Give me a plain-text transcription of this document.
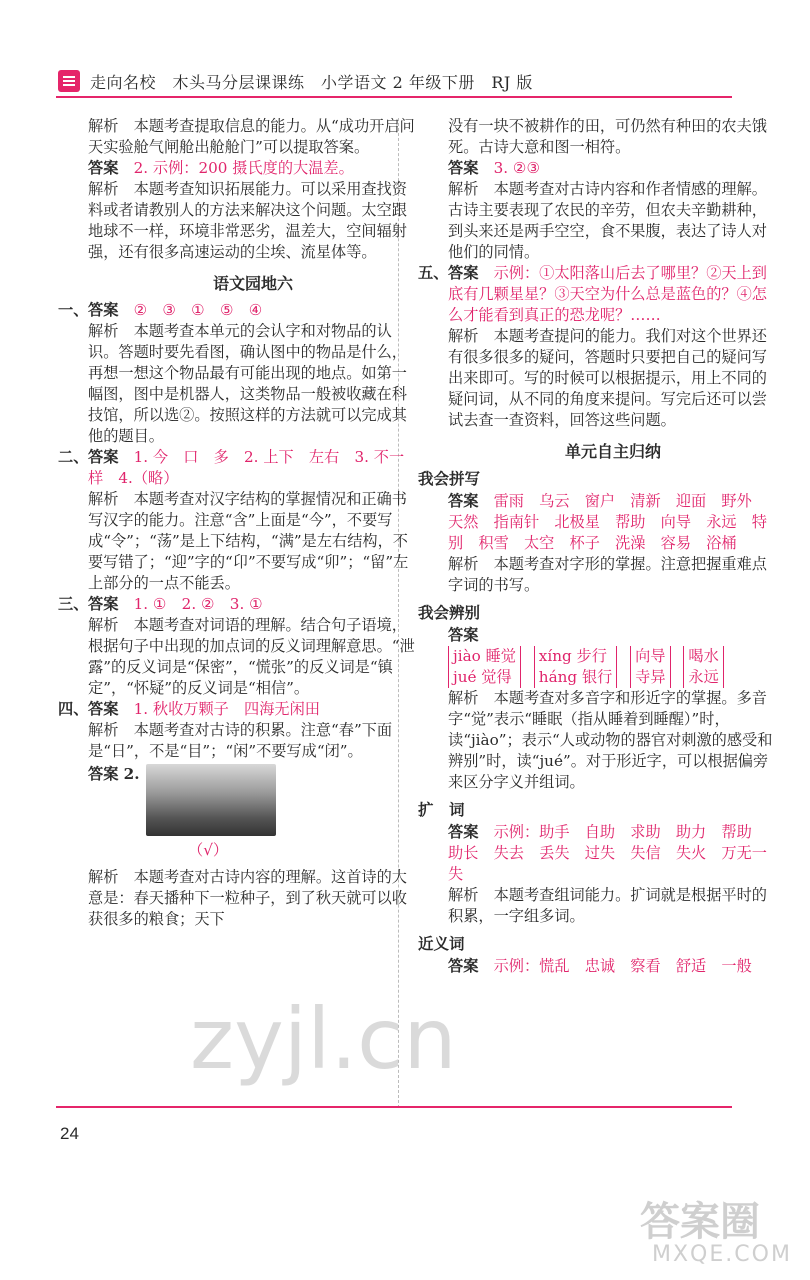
走向名校　木头马分层课课练　小学语文 2 年级下册　RJ 版

解析　本题考查提取信息的能力。从“成功开启问天实验舱气闸舱出舱舱门”可以提取答案。

答案　2. 示例：200 摄氏度的大温差。

解析　本题考查知识拓展能力。可以采用查找资料或者请教别人的方法来解决这个问题。太空跟地球不一样，环境非常恶劣，温差大，空间辐射强，还有很多高速运动的尘埃、流星体等。

语文园地六

一、 答案　②　③　①　⑤　④

解析　本题考查本单元的会认字和对物品的认识。答题时要先看图，确认图中的物品是什么，再想一想这个物品最有可能出现的地点。如第一幅图，图中是机器人，这类物品一般被收藏在科技馆，所以选②。按照这样的方法就可以完成其他的题目。

二、 答案　1. 今　口　多　2. 上下　左右　3. 不一样　4.（略）

解析　本题考查对汉字结构的掌握情况和正确书写汉字的能力。注意“含”上面是“今”，不要写成“令”；“荡”是上下结构，“满”是左右结构，不要写错了；“迎”字的“卬”不要写成“卯”；“留”左上部分的一点不能丢。

三、 答案　1. ①　2. ②　3. ①

解析　本题考查对词语的理解。结合句子语境，根据句子中出现的加点词的反义词理解意思。“泄露”的反义词是“保密”，“慌张”的反义词是“镇定”，“怀疑”的反义词是“相信”。

四、 答案　1. 秋收万颗子　四海无闲田

解析　本题考查对古诗的积累。注意“春”下面是“日”，不是“目”；“闲”不要写成“闭”。

答案 2.
（√）

解析　本题考查对古诗内容的理解。这首诗的大意是：春天播种下一粒种子，到了秋天就可以收获很多的粮食；天下

没有一块不被耕作的田，可仍然有种田的农夫饿死。古诗大意和图一相符。

答案　3. ②③

解析　本题考查对古诗内容和作者情感的理解。古诗主要表现了农民的辛劳，但农夫辛勤耕种，到头来还是两手空空，食不果腹，表达了诗人对他们的同情。

五、 答案　示例：①太阳落山后去了哪里？②天上到底有几颗星星？③天空为什么总是蓝色的？④怎么才能看到真正的恐龙呢？……

解析　本题考查提问的能力。我们对这个世界还有很多很多的疑问，答题时只要把自己的疑问写出来即可。写的时候可以根据提示，用上不同的疑问词，从不同的角度来提问。写完后还可以尝试去查一查资料，回答这些问题。

单元自主归纳
我会拼写

答案　雷雨　乌云　窗户　清新　迎面　野外　天然　指南针　北极星　帮助　向导　永远　特别　积雪　太空　杯子　洗澡　容易　浴桶

解析　本题考查对字形的掌握。注意把握重难点字词的书写。

我会辨别

答案

jiào 睡觉
jué 觉得

xíng 步行
háng 银行

向导
寺异

喝水
永远

解析　本题考查对多音字和形近字的掌握。多音字“觉”表示“睡眠（指从睡着到睡醒）”时，读“jiào”；表示“人或动物的器官对刺激的感受和辨别”时，读“jué”。对于形近字，可以根据偏旁来区分字义并组词。

扩　词

答案　示例：助手　自助　求助　助力　帮助　助长　失去　丢失　过失　失信　失火　万无一失

解析　本题考查组词能力。扩词就是根据平时的积累，一字组多词。

近义词

答案　示例：慌乱　忠诚　察看　舒适　一般

zyjl.cn
24
答案圈
MXQE.COM
